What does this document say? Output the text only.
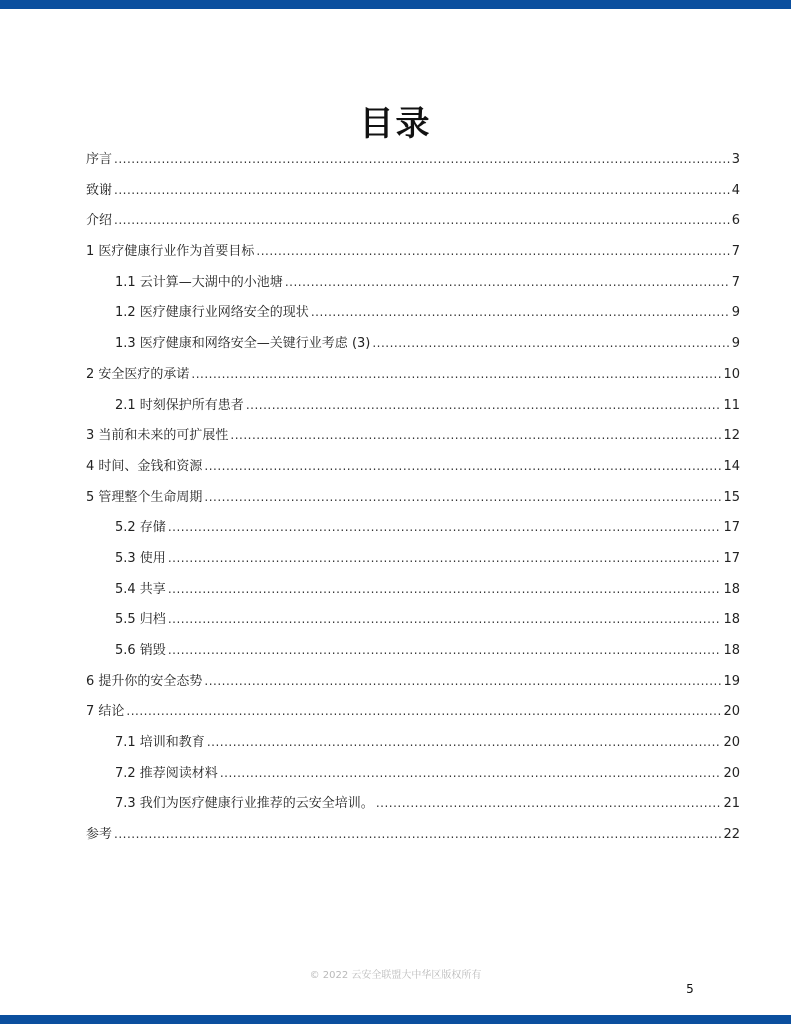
目录
序言 .....	3
致谢 .....	4
介绍 .....	6
1 医疗健康行业作为首要目标 .....	7
1.1 云计算—大湖中的小池塘 .....	7
1.2 医疗健康行业网络安全的现状 .....	9
1.3 医疗健康和网络安全—关键行业考虑 (3) .....	9
2 安全医疗的承诺 .....	10
2.1 时刻保护所有患者 .....	11
3 当前和未来的可扩展性 .....	12
4 时间、金钱和资源 .....	14
5 管理整个生命周期 .....	15
5.2 存储 .....	17
5.3 使用 .....	17
5.4 共享 .....	18
5.5 归档 .....	18
5.6 销毁 .....	18
6 提升你的安全态势 .....	19
7 结论 .....	20
7.1 培训和教育 .....	20
7.2 推荐阅读材料 .....	20
7.3 我们为医疗健康行业推荐的云安全培训。 .....	21
参考 .....	22
© 2022 云安全联盟大中华区版权所有
5
